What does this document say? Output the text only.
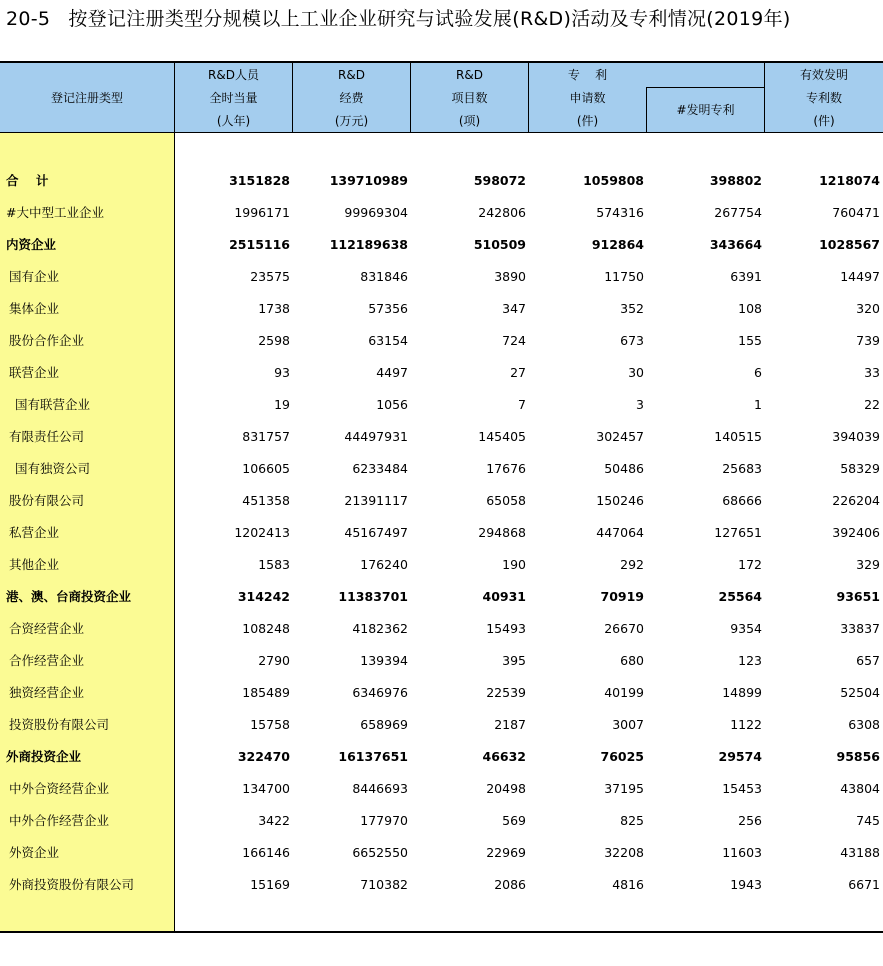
20-5 按登记注册类型分规模以上工业企业研究与试验发展(R&D)活动及专利情况(2019年)
登记注册类型
R&D人员
全时当量
(人年)
R&D
经费
(万元)
R&D
项目数
(项)
专    利
申请数
(件)
#发明专利
有效发明
专利数
(件)
合    计	3151828	139710989	598072	1059808	398802	1218074
#大中型工业企业	1996171	99969304	242806	574316	267754	760471
内资企业	2515116	112189638	510509	912864	343664	1028567
国有企业	23575	831846	3890	11750	6391	14497
集体企业	1738	57356	347	352	108	320
股份合作企业	2598	63154	724	673	155	739
联营企业	93	4497	27	30	6	33
国有联营企业	19	1056	7	3	1	22
有限责任公司	831757	44497931	145405	302457	140515	394039
国有独资公司	106605	6233484	17676	50486	25683	58329
股份有限公司	451358	21391117	65058	150246	68666	226204
私营企业	1202413	45167497	294868	447064	127651	392406
其他企业	1583	176240	190	292	172	329
港、澳、台商投资企业	314242	11383701	40931	70919	25564	93651
合资经营企业	108248	4182362	15493	26670	9354	33837
合作经营企业	2790	139394	395	680	123	657
独资经营企业	185489	6346976	22539	40199	14899	52504
投资股份有限公司	15758	658969	2187	3007	1122	6308
外商投资企业	322470	16137651	46632	76025	29574	95856
中外合资经营企业	134700	8446693	20498	37195	15453	43804
中外合作经营企业	3422	177970	569	825	256	745
外资企业	166146	6652550	22969	32208	11603	43188
外商投资股份有限公司	15169	710382	2086	4816	1943	6671
